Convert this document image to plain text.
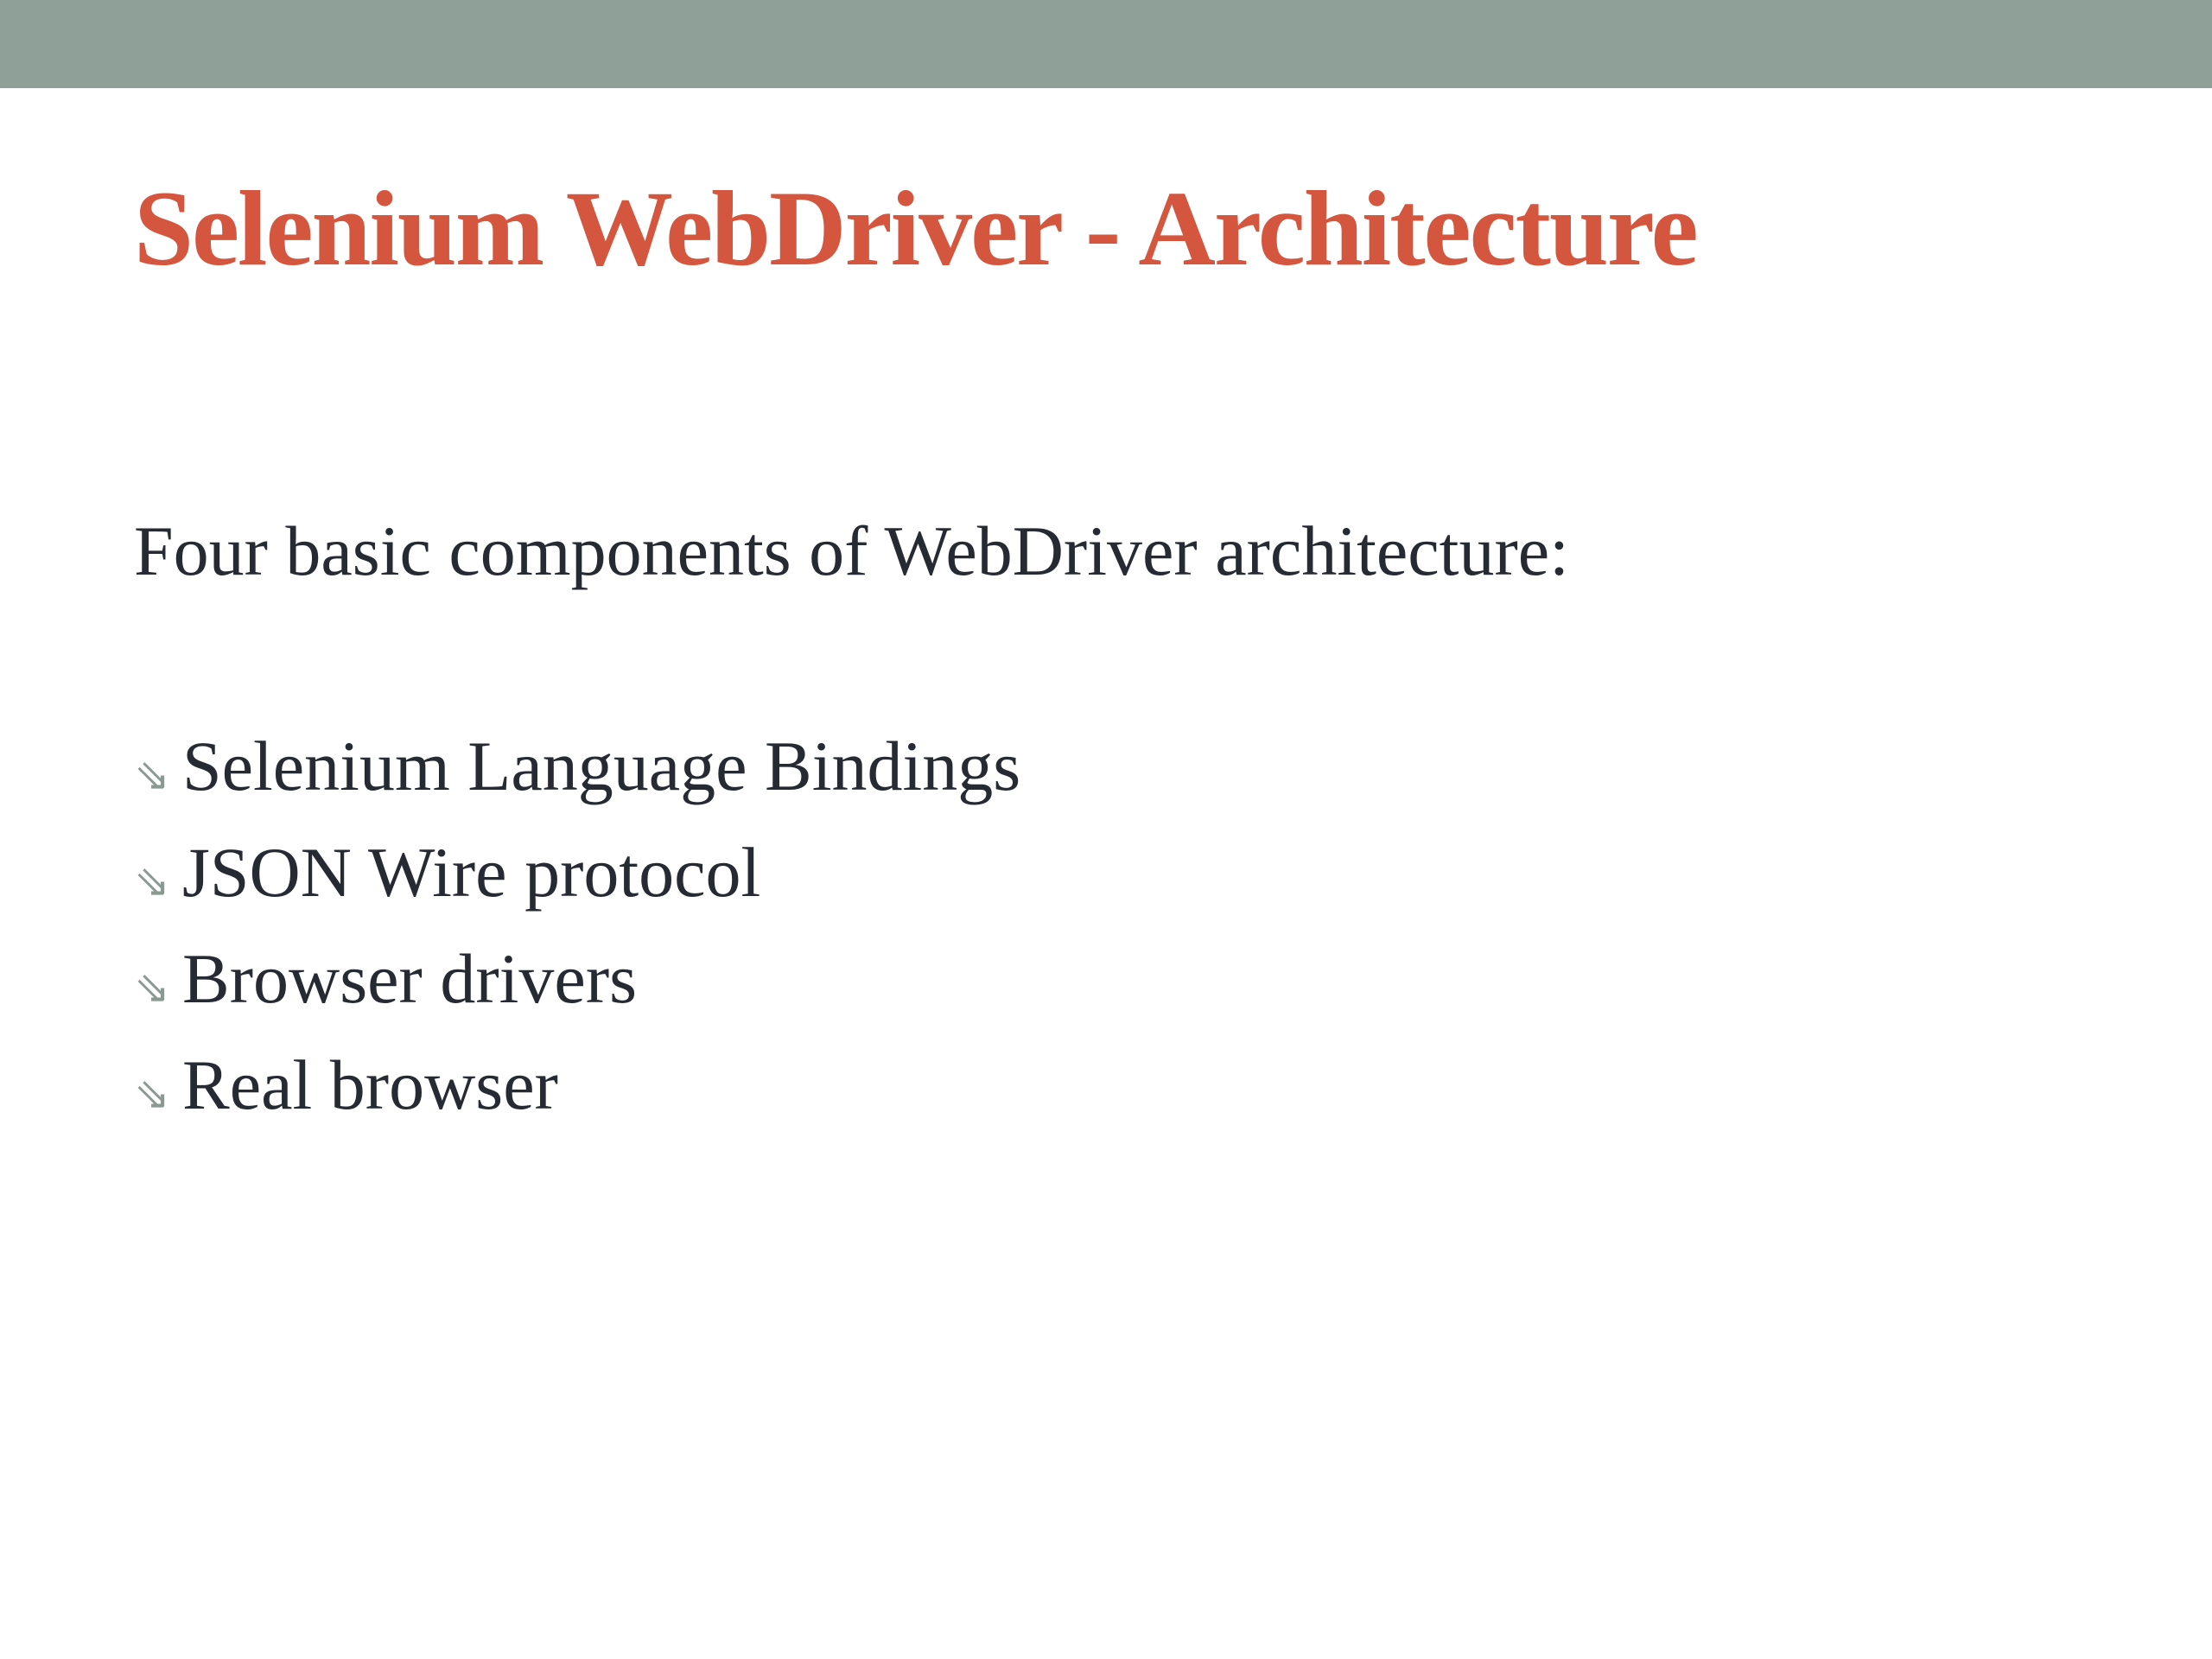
Selenium WebDriver - Architecture

Four basic components of WebDriver architecture:

⇘ Selenium Language Bindings
⇘ JSON Wire protocol
⇘ Browser drivers
⇘ Real browser
